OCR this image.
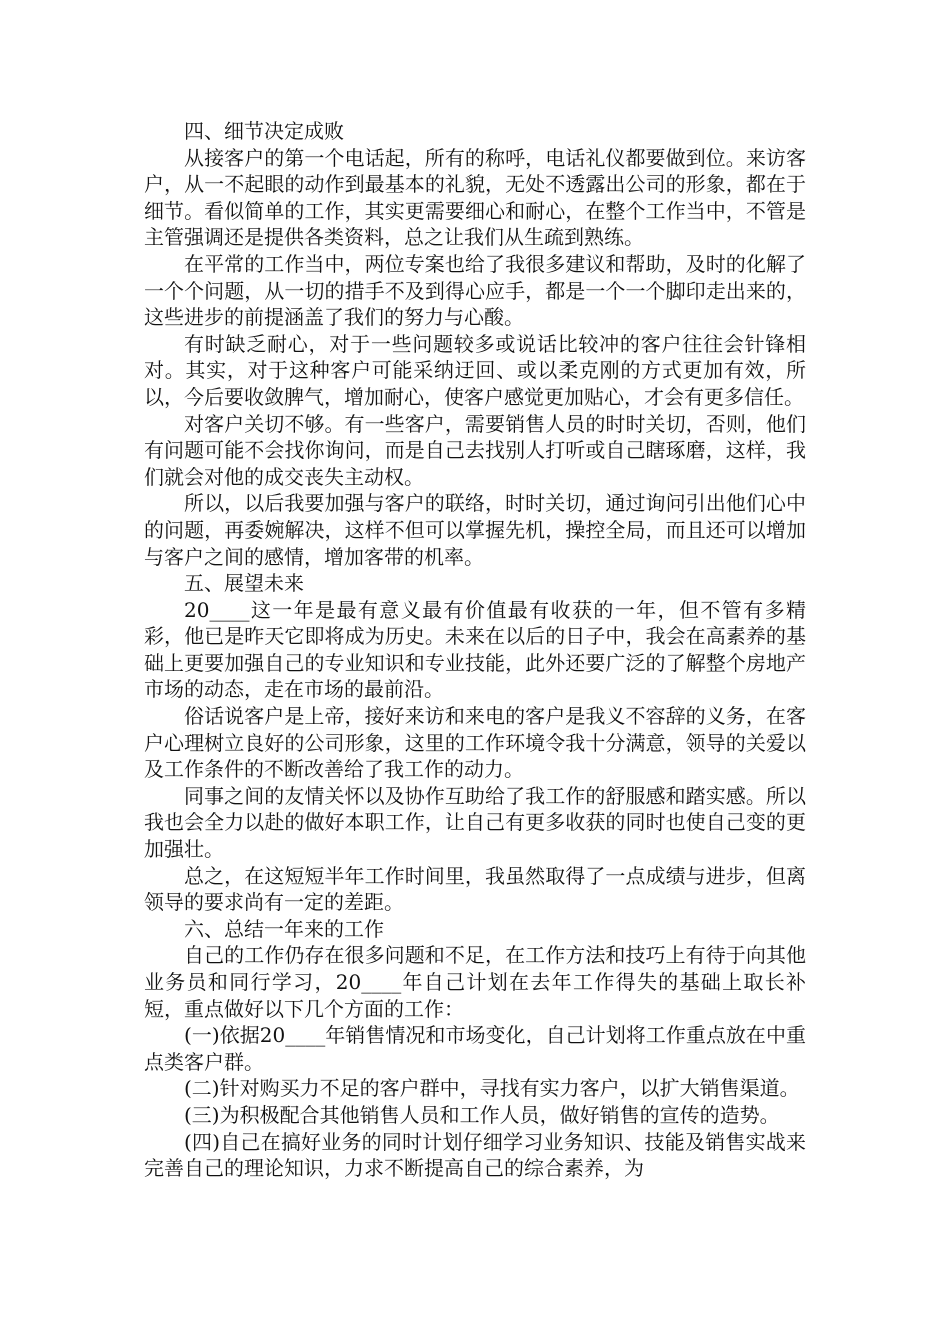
四、细节决定成败

从接客户的第一个电话起，所有的称呼，电话礼仪都要做到位。来访客户，从一不起眼的动作到最基本的礼貌，无处不透露出公司的形象，都在于细节。看似简单的工作，其实更需要细心和耐心，在整个工作当中，不管是主管强调还是提供各类资料，总之让我们从生疏到熟练。

在平常的工作当中，两位专案也给了我很多建议和帮助，及时的化解了一个个问题，从一切的措手不及到得心应手，都是一个一个脚印走出来的，这些进步的前提涵盖了我们的努力与心酸。

有时缺乏耐心，对于一些问题较多或说话比较冲的客户往往会针锋相对。其实，对于这种客户可能采纳迂回、或以柔克刚的方式更加有效，所以，今后要收敛脾气，增加耐心，使客户感觉更加贴心，才会有更多信任。

对客户关切不够。有一些客户，需要销售人员的时时关切，否则，他们有问题可能不会找你询问，而是自己去找别人打听或自己瞎琢磨，这样，我们就会对他的成交丧失主动权。

所以，以后我要加强与客户的联络，时时关切，通过询问引出他们心中的问题，再委婉解决，这样不但可以掌握先机，操控全局，而且还可以增加与客户之间的感情，增加客带的机率。

五、展望未来

20____这一年是最有意义最有价值最有收获的一年，但不管有多精彩，他已是昨天它即将成为历史。未来在以后的日子中，我会在高素养的基础上更要加强自己的专业知识和专业技能，此外还要广泛的了解整个房地产市场的动态，走在市场的最前沿。

俗话说客户是上帝，接好来访和来电的客户是我义不容辞的义务，在客户心理树立良好的公司形象，这里的工作环境令我十分满意，领导的关爱以及工作条件的不断改善给了我工作的动力。

同事之间的友情关怀以及协作互助给了我工作的舒服感和踏实感。所以我也会全力以赴的做好本职工作，让自己有更多收获的同时也使自己变的更加强壮。

总之，在这短短半年工作时间里，我虽然取得了一点成绩与进步，但离领导的要求尚有一定的差距。

六、总结一年来的工作

自己的工作仍存在很多问题和不足，在工作方法和技巧上有待于向其他业务员和同行学习，20____年自己计划在去年工作得失的基础上取长补短，重点做好以下几个方面的工作：

(一)依据20____年销售情况和市场变化，自己计划将工作重点放在中重点类客户群。

(二)针对购买力不足的客户群中，寻找有实力客户，以扩大销售渠道。

(三)为积极配合其他销售人员和工作人员，做好销售的宣传的造势。

(四)自己在搞好业务的同时计划仔细学习业务知识、技能及销售实战来完善自己的理论知识，力求不断提高自己的综合素养，为
